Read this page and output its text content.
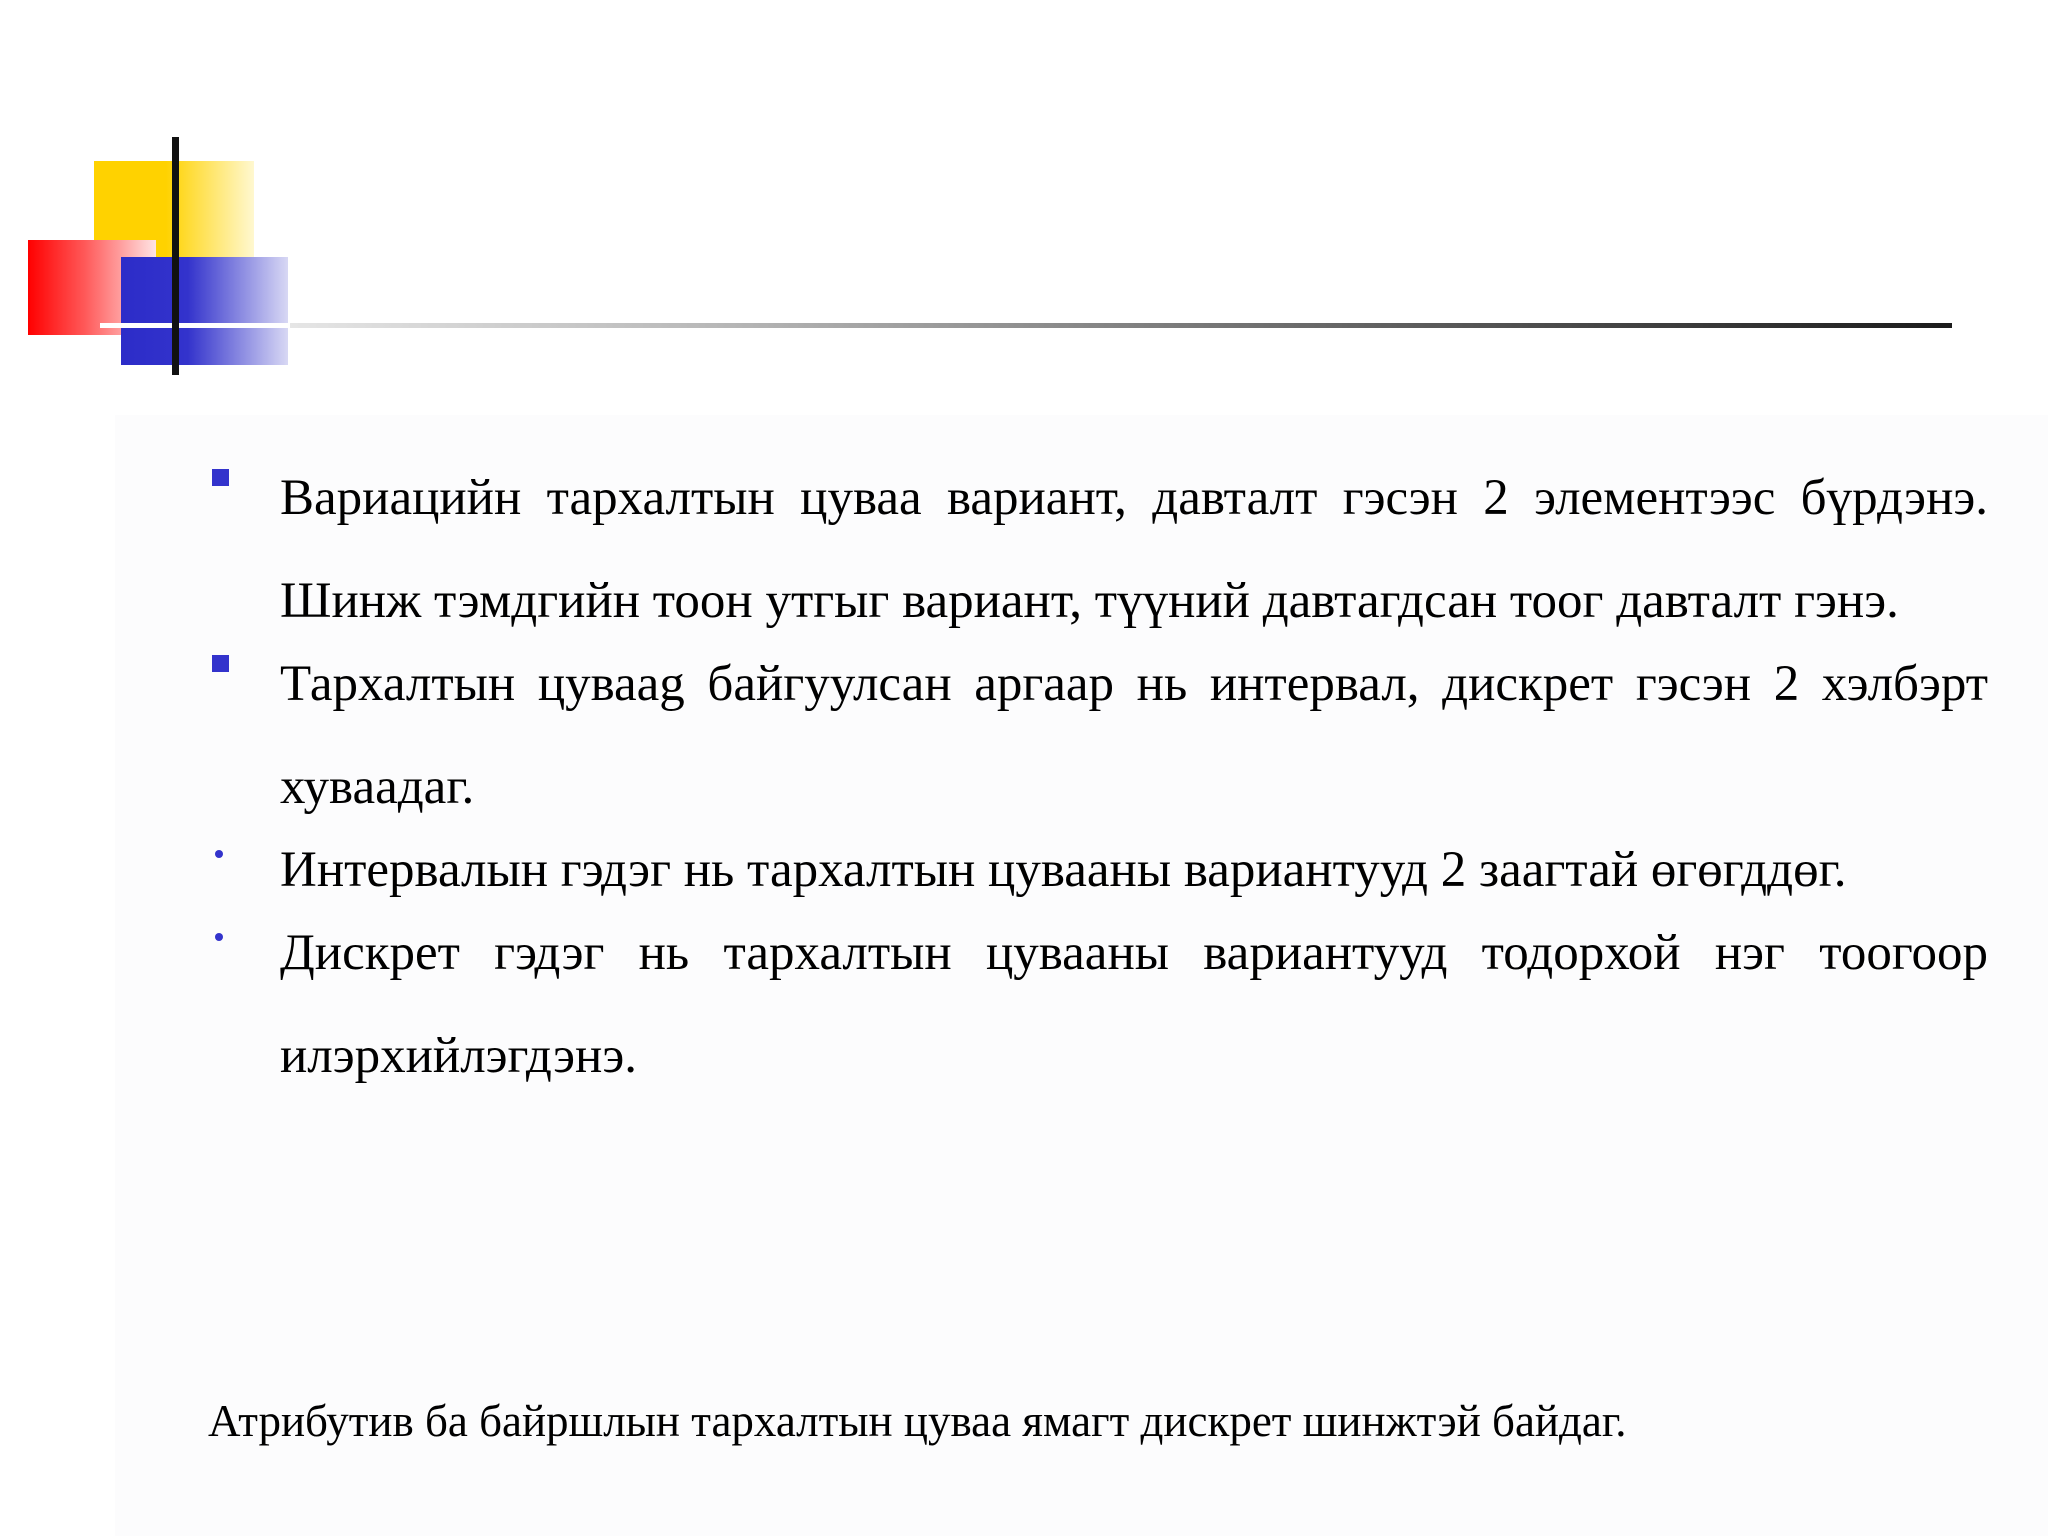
Вариацийн тархалтын цуваа вариант, давталт гэсэн 2 элементээс бүрдэнэ. Шинж тэмдгийн тоон утгыг вариант, түүний давтагдсан тоог давталт гэнэ.
Тархалтын цуваag байгуулсан аргаар нь интервал, дискрет гэсэн 2 хэлбэрт хуваадаг.
Интервалын гэдэг нь тархалтын цувааны вариантууд 2 заагтай өгөгддөг.
Дискрет гэдэг нь тархалтын цувааны вариантууд тодорхой нэг тоогоор илэрхийлэгдэнэ.
Атрибутив ба байршлын тархалтын цуваа ямагт дискрет шинжтэй байдаг.
